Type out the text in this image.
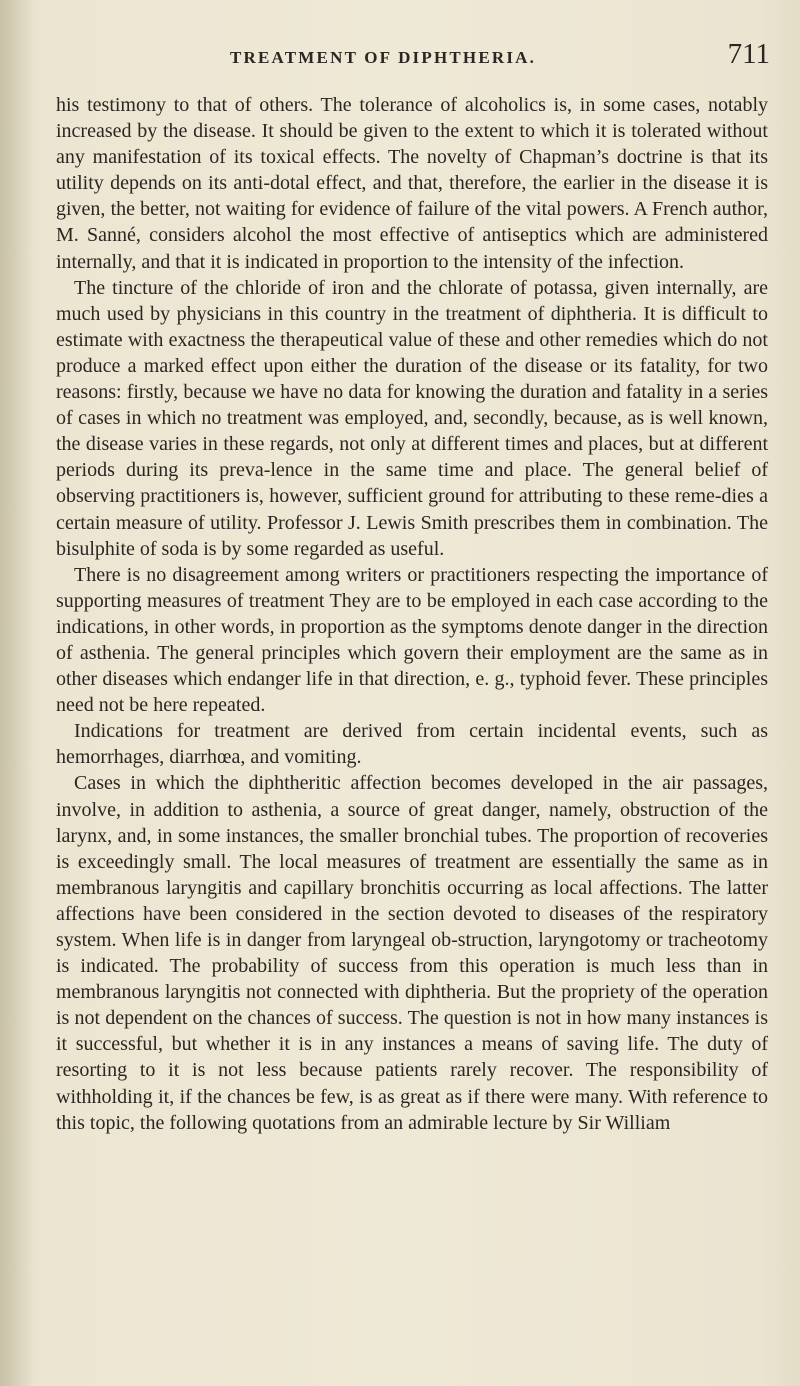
TREATMENT OF DIPHTHERIA.	711

his testimony to that of others. The tolerance of alcoholics is, in some cases, notably increased by the disease. It should be given to the extent to which it is tolerated without any manifestation of its toxical effects. The novelty of Chapman’s doctrine is that its utility depends on its anti-dotal effect, and that, therefore, the earlier in the disease it is given, the better, not waiting for evidence of failure of the vital powers. A French author, M. Sanné, considers alcohol the most effective of antiseptics which are administered internally, and that it is indicated in proportion to the intensity of the infection.

The tincture of the chloride of iron and the chlorate of potassa, given internally, are much used by physicians in this country in the treatment of diphtheria. It is difficult to estimate with exactness the therapeutical value of these and other remedies which do not produce a marked effect upon either the duration of the disease or its fatality, for two reasons: firstly, because we have no data for knowing the duration and fatality in a series of cases in which no treatment was employed, and, secondly, because, as is well known, the disease varies in these regards, not only at different times and places, but at different periods during its preva-lence in the same time and place. The general belief of observing practitioners is, however, sufficient ground for attributing to these reme-dies a certain measure of utility. Professor J. Lewis Smith prescribes them in combination. The bisulphite of soda is by some regarded as useful.

There is no disagreement among writers or practitioners respecting the importance of supporting measures of treatment They are to be employed in each case according to the indications, in other words, in proportion as the symptoms denote danger in the direction of asthenia. The general principles which govern their employment are the same as in other diseases which endanger life in that direction, e. g., typhoid fever. These principles need not be here repeated.

Indications for treatment are derived from certain incidental events, such as hemorrhages, diarrhœa, and vomiting.

Cases in which the diphtheritic affection becomes developed in the air passages, involve, in addition to asthenia, a source of great danger, namely, obstruction of the larynx, and, in some instances, the smaller bronchial tubes. The proportion of recoveries is exceedingly small. The local measures of treatment are essentially the same as in membranous laryngitis and capillary bronchitis occurring as local affections. The latter affections have been considered in the section devoted to diseases of the respiratory system. When life is in danger from laryngeal ob-struction, laryngotomy or tracheotomy is indicated. The probability of success from this operation is much less than in membranous laryngitis not connected with diphtheria. But the propriety of the operation is not dependent on the chances of success. The question is not in how many instances is it successful, but whether it is in any instances a means of saving life. The duty of resorting to it is not less because patients rarely recover. The responsibility of withholding it, if the chances be few, is as great as if there were many. With reference to this topic, the following quotations from an admirable lecture by Sir William
